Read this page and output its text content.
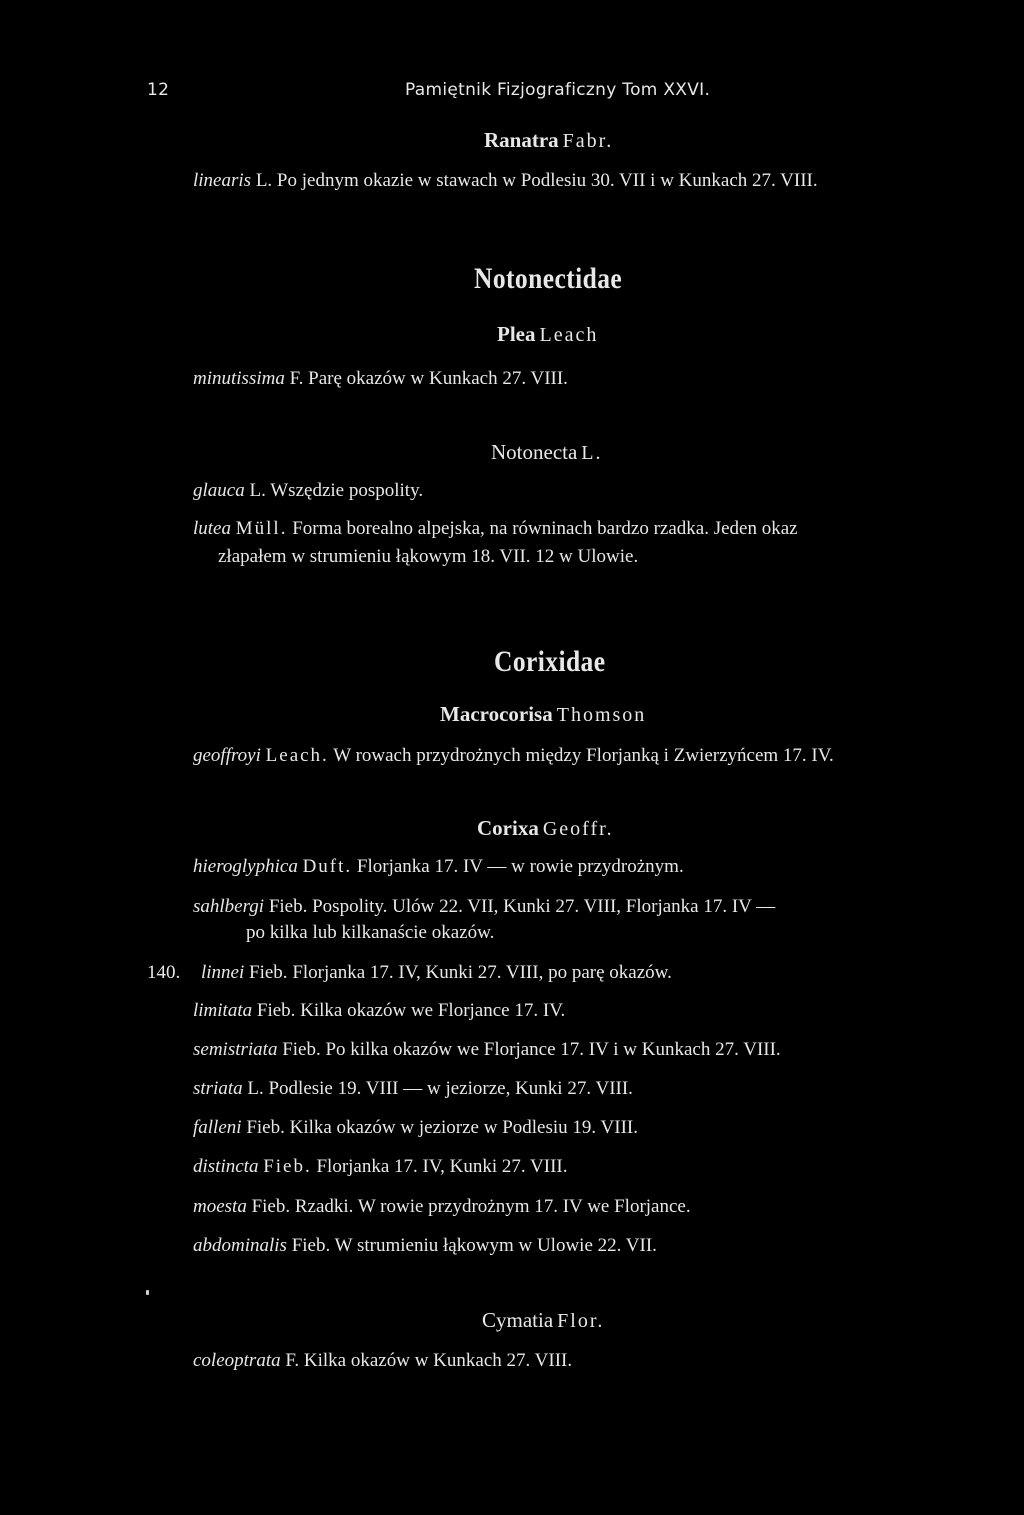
12	Pamiętnik Fizjograficzny Tom XXVI.
Ranatra Fabr.
linearis L. Po jednym okazie w stawach w Podlesiu 30. VII i w Kunkach 27. VIII.
Notonectidae
Plea Leach
minutissima F. Parę okazów w Kunkach 27. VIII.
Notonecta L.
glauca L. Wszędzie pospolity.
lutea Müll. Forma borealno alpejska, na równinach bardzo rzadka. Jeden okaz
złapałem w strumieniu łąkowym 18. VII. 12 w Ulowie.
Corixidae
Macrocorisa Thomson
geoffroyi Leach. W rowach przydrożnych między Florjanką i Zwierzyńcem 17. IV.
Corixa Geoffr.
hieroglyphica Duft. Florjanka 17. IV — w rowie przydrożnym.
sahlbergi Fieb. Pospolity. Ulów 22. VII, Kunki 27. VIII, Florjanka 17. IV —
po kilka lub kilkanaście okazów.
140. linnei Fieb. Florjanka 17. IV, Kunki 27. VIII, po parę okazów.
limitata Fieb. Kilka okazów we Florjance 17. IV.
semistriata Fieb. Po kilka okazów we Florjance 17. IV i w Kunkach 27. VIII.
striata L. Podlesie 19. VIII — w jeziorze, Kunki 27. VIII.
falleni Fieb. Kilka okazów w jeziorze w Podlesiu 19. VIII.
distincta Fieb. Florjanka 17. IV, Kunki 27. VIII.
moesta Fieb. Rzadki. W rowie przydrożnym 17. IV we Florjance.
abdominalis Fieb. W strumieniu łąkowym w Ulowie 22. VII.
Cymatia Flor.
coleoptrata F. Kilka okazów w Kunkach 27. VIII.
